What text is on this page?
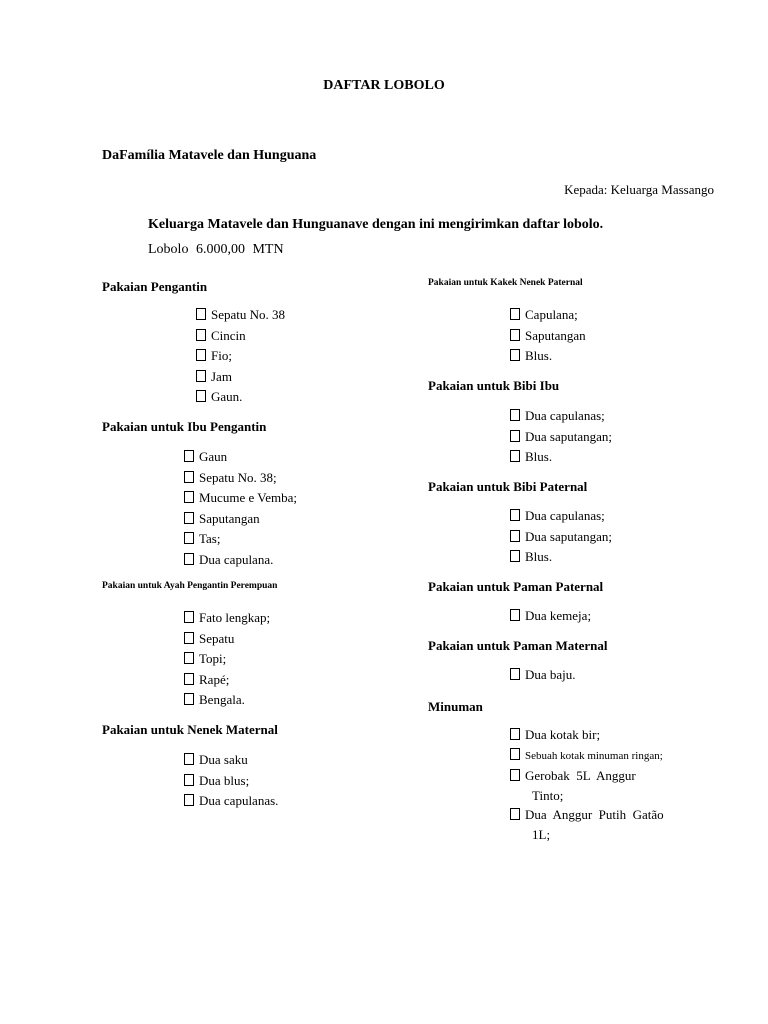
DAFTAR LOBOLO
DaFamília Matavele dan Hunguana
Kepada: Keluarga Massango
Keluarga Matavele dan Hunguanave dengan ini mengirimkan daftar lobolo.
Lobolo 6.000,00 MTN
Pakaian Pengantin
Sepatu No. 38
Cincin
Fio;
Jam
Gaun.
Pakaian untuk Ibu Pengantin
Gaun
Sepatu No. 38;
Mucume e Vemba;
Saputangan
Tas;
Dua capulana.
Pakaian untuk Ayah Pengantin Perempuan
Fato lengkap;
Sepatu
Topi;
Rapé;
Bengala.
Pakaian untuk Nenek Maternal
Dua saku
Dua blus;
Dua capulanas.
Pakaian untuk Kakek Nenek Paternal
Capulana;
Saputangan
Blus.
Pakaian untuk Bibi Ibu
Dua capulanas;
Dua saputangan;
Blus.
Pakaian untuk Bibi Paternal
Dua capulanas;
Dua saputangan;
Blus.
Pakaian untuk Paman Paternal
Dua kemeja;
Pakaian untuk Paman Maternal
Dua baju.
Minuman
Dua kotak bir;
Sebuah kotak minuman ringan;
Gerobak  5L  Anggur
Tinto;
Dua  Anggur  Putih  Gatão
1L;
